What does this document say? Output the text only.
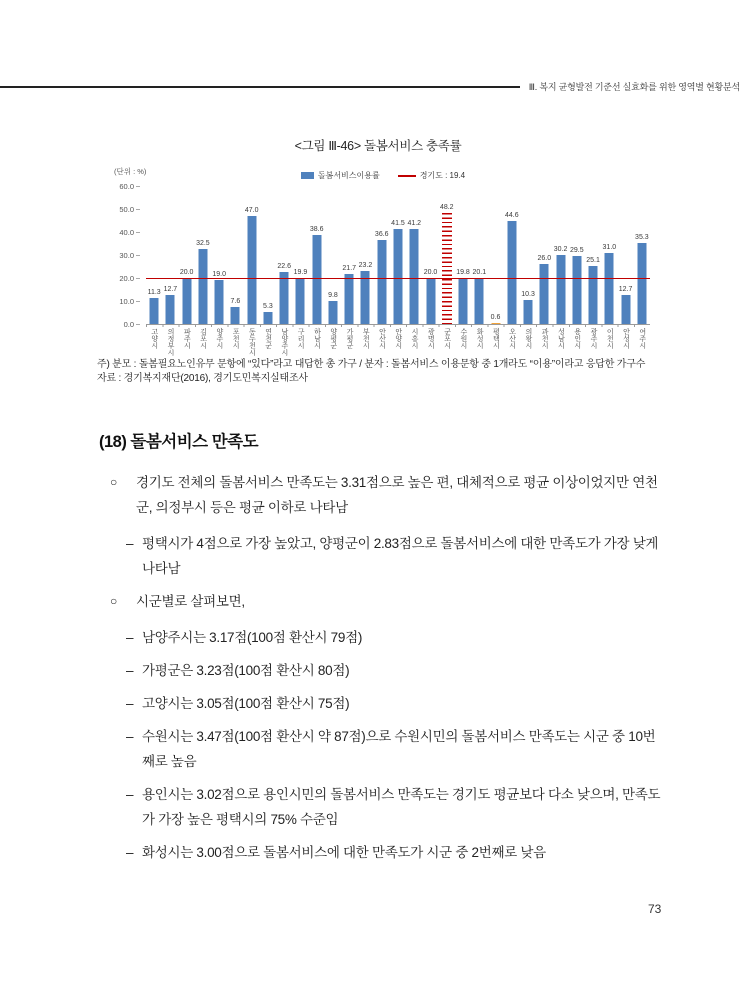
Ⅲ. 복지 균형발전 기준선 실효화를 위한 영역별 현황분석
<그림 Ⅲ-46> 돌봄서비스 충족률
(단위 : %)	돌봄서비스이용률	경기도 : 19.4
11.3 12.7
20.0
32.5
19.0
7.6
47.0
5.3
22.6
19.9
38.6
9.8
21.7 23.2
36.6
41.5 41.2
20.0
48.2
19.8 20.1
0.6
44.6
10.3
26.0
30.2 29.5
25.1
31.0
12.7
35.3
고양시	의정부시	파주시	김포시	양주시	포천시	동두천시	연천군	남양주시	구리시	하남시	양평군	가평군	부천시	안산시	안양시	시흥시	광명시	군포시	수원시	화성시	평택시	오산시	의왕시	과천시	성남시	용인시	광주시	이천시	안성시	여주시
60.0
50.0
40.0
30.0
20.0
10.0
0.0
주) 분모 : 돌봄필요노인유무 문항에 “있다”라고 대답한 총 가구 / 분자 : 돌봄서비스 이용문항 중 1개라도 “이용”이라고 응답한 가구수
자료 : 경기복지재단(2016), 경기도민복지실태조사
(18) 돌봄서비스 만족도
○	경기도 전체의 돌봄서비스 만족도는 3.31점으로 높은 편, 대체적으로 평균 이상이었지만 연천군, 의정부시 등은 평균 이하로 나타남
– 평택시가 4점으로 가장 높았고, 양평군이 2.83점으로 돌봄서비스에 대한 만족도가 가장 낮게 나타남
○	시군별로 살펴보면,
– 남양주시는 3.17점(100점 환산시 79점)
– 가평군은 3.23점(100점 환산시 80점)
– 고양시는 3.05점(100점 환산시 75점)
– 수원시는 3.47점(100점 환산시 약 87점)으로 수원시민의 돌봄서비스 만족도는 시군 중 10번째로 높음
– 용인시는 3.02점으로 용인시민의 돌봄서비스 만족도는 경기도 평균보다 다소 낮으며, 만족도가 가장 높은 평택시의 75% 수준임
– 화성시는 3.00점으로 돌봄서비스에 대한 만족도가 시군 중 2번째로 낮음
73
